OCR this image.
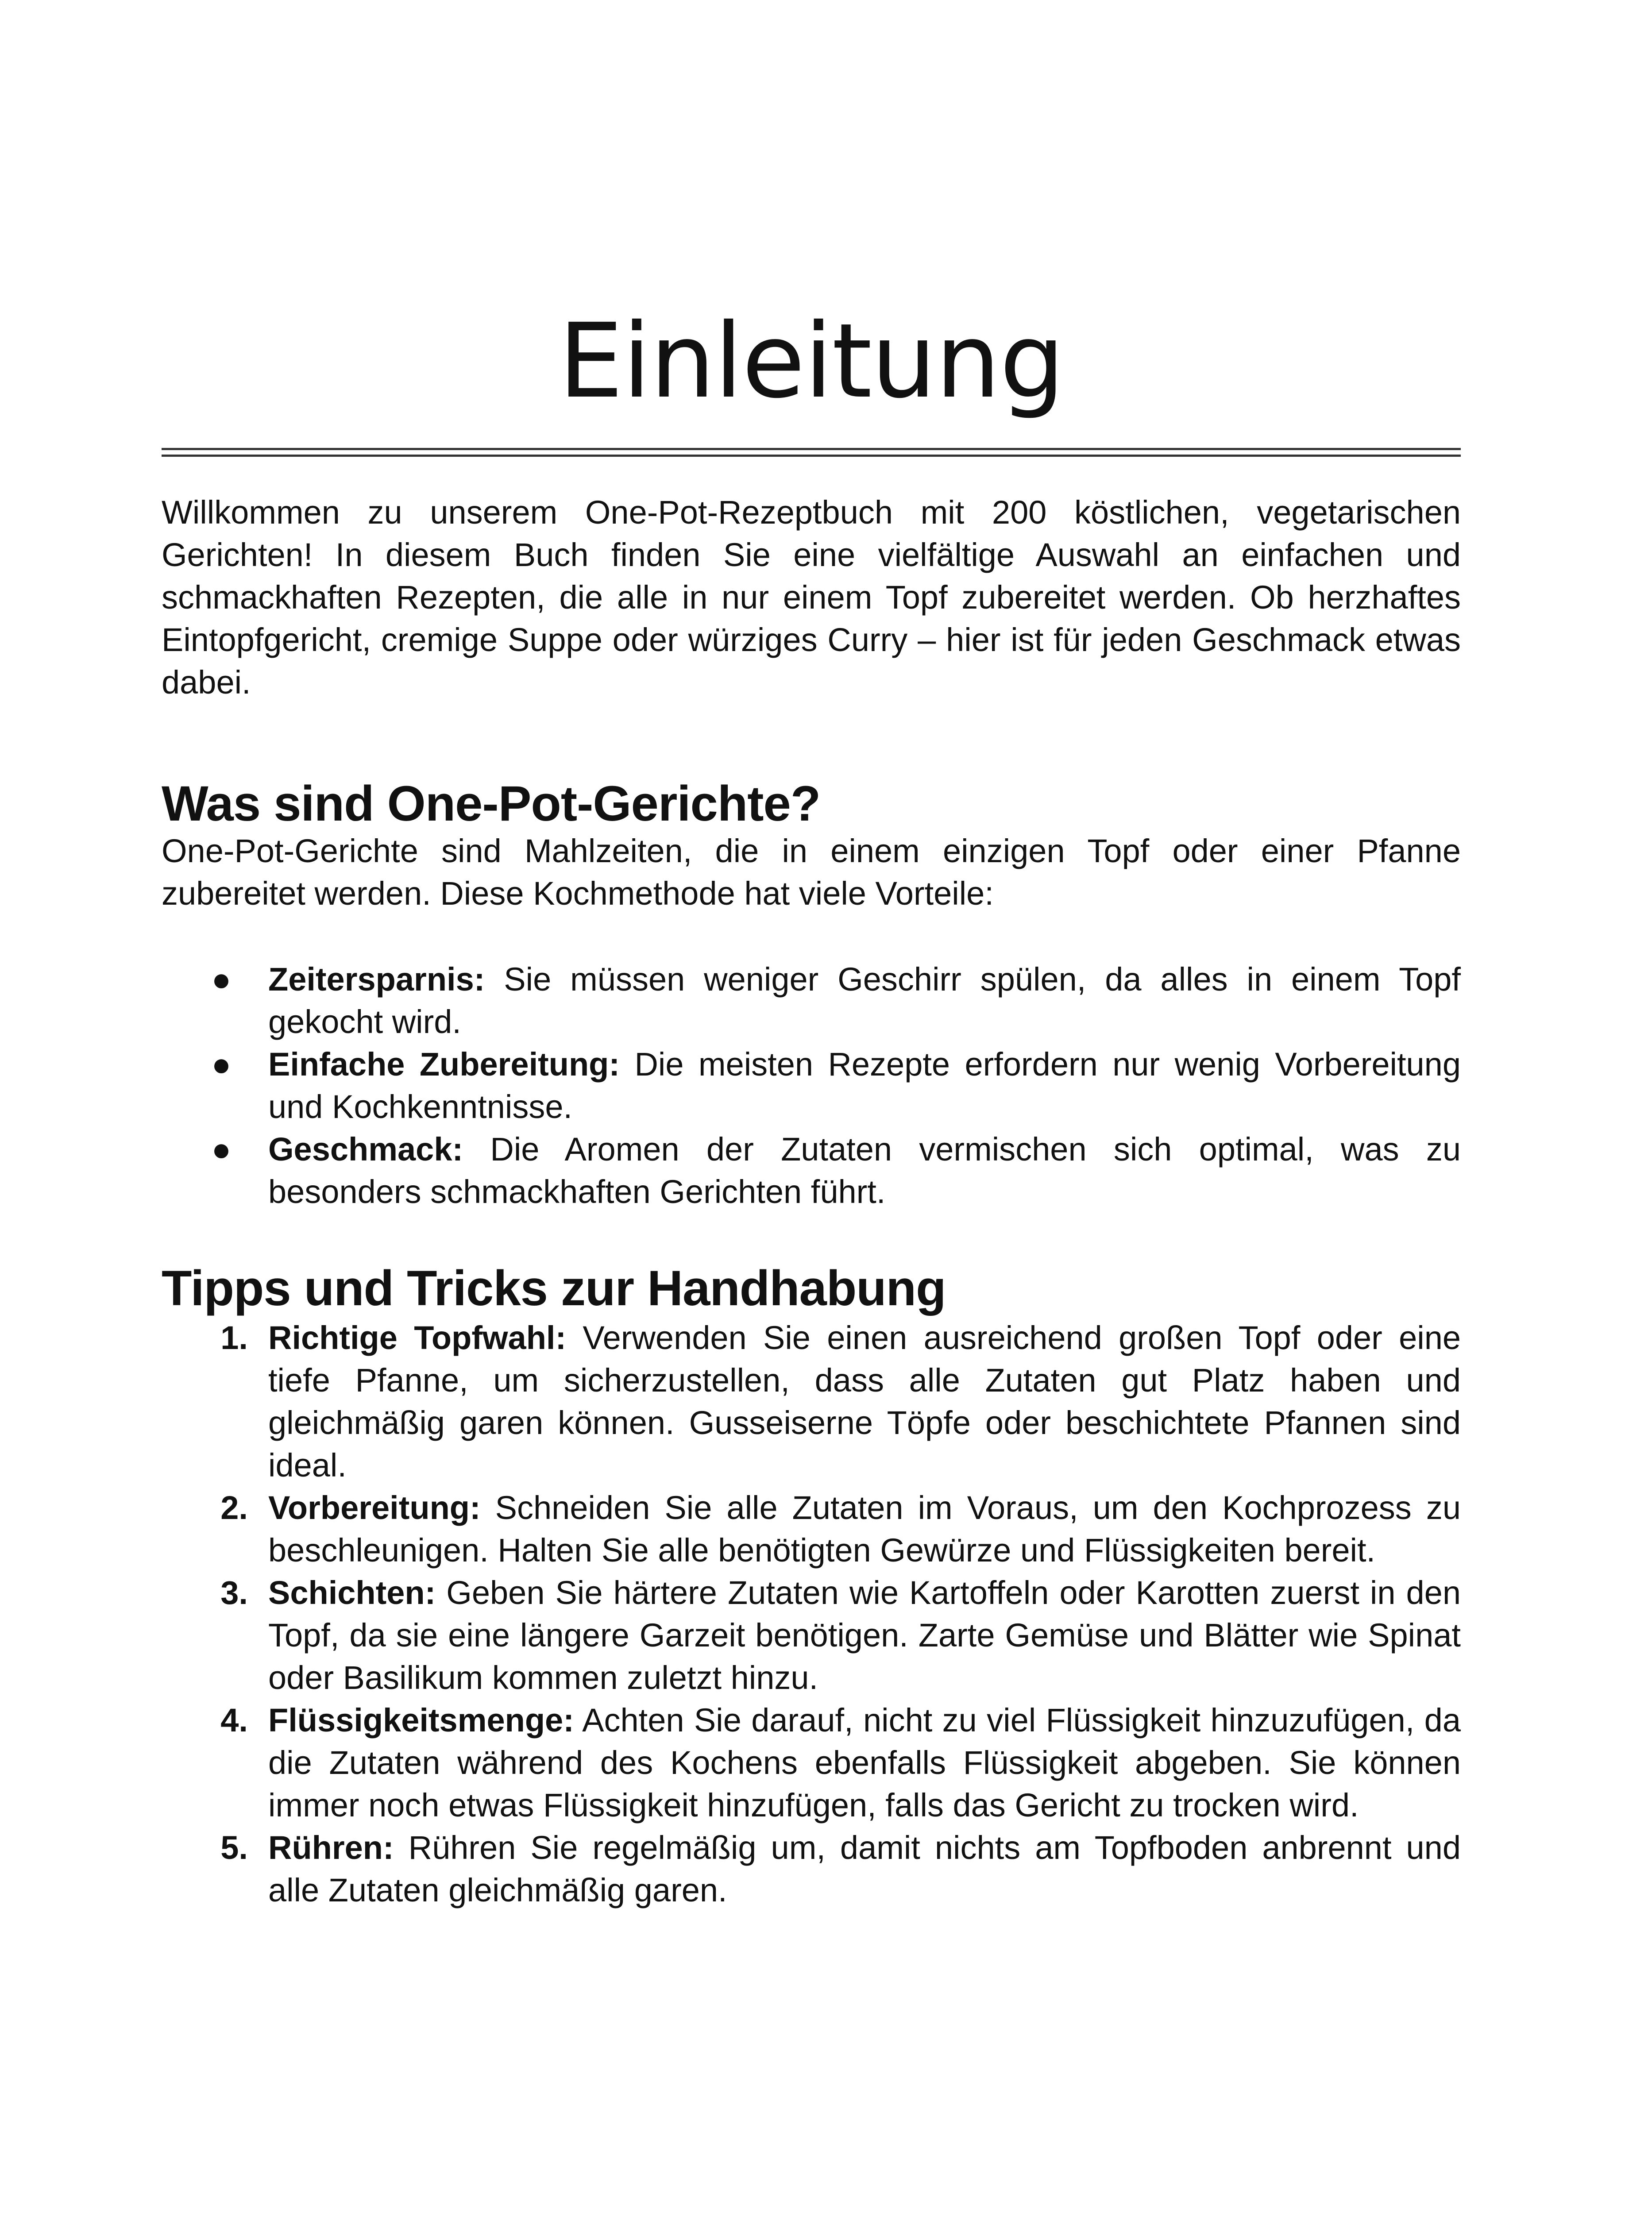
Einleitung

Willkommen zu unserem One-Pot-Rezeptbuch mit 200 köstlichen, vegetarischen Gerichten! In diesem Buch finden Sie eine vielfältige Auswahl an einfachen und schmackhaften Rezepten, die alle in nur einem Topf zubereitet werden. Ob herzhaftes Eintopfgericht, cremige Suppe oder würziges Curry – hier ist für jeden Geschmack etwas dabei.

Was sind One-Pot-Gerichte?

One-Pot-Gerichte sind Mahlzeiten, die in einem einzigen Topf oder einer Pfanne zubereitet werden. Diese Kochmethode hat viele Vorteile:

● Zeitersparnis: Sie müssen weniger Geschirr spülen, da alles in einem Topf gekocht wird.
● Einfache Zubereitung: Die meisten Rezepte erfordern nur wenig Vorbereitung und Kochkenntnisse.
● Geschmack: Die Aromen der Zutaten vermischen sich optimal, was zu besonders schmackhaften Gerichten führt.
Tipps und Tricks zur Handhabung
1. Richtige Topfwahl: Verwenden Sie einen ausreichend großen Topf oder eine tiefe Pfanne, um sicherzustellen, dass alle Zutaten gut Platz haben und gleichmäßig garen können. Gusseiserne Töpfe oder beschichtete Pfannen sind ideal.
2. Vorbereitung: Schneiden Sie alle Zutaten im Voraus, um den Kochprozess zu beschleunigen. Halten Sie alle benötigten Gewürze und Flüssigkeiten bereit.
3. Schichten: Geben Sie härtere Zutaten wie Kartoffeln oder Karotten zuerst in den Topf, da sie eine längere Garzeit benötigen. Zarte Gemüse und Blätter wie Spinat oder Basilikum kommen zuletzt hinzu.
4. Flüssigkeitsmenge: Achten Sie darauf, nicht zu viel Flüssigkeit hinzuzufügen, da die Zutaten während des Kochens ebenfalls Flüssigkeit abgeben. Sie können immer noch etwas Flüssigkeit hinzufügen, falls das Gericht zu trocken wird.
5. Rühren: Rühren Sie regelmäßig um, damit nichts am Topfboden anbrennt und alle Zutaten gleichmäßig garen.
